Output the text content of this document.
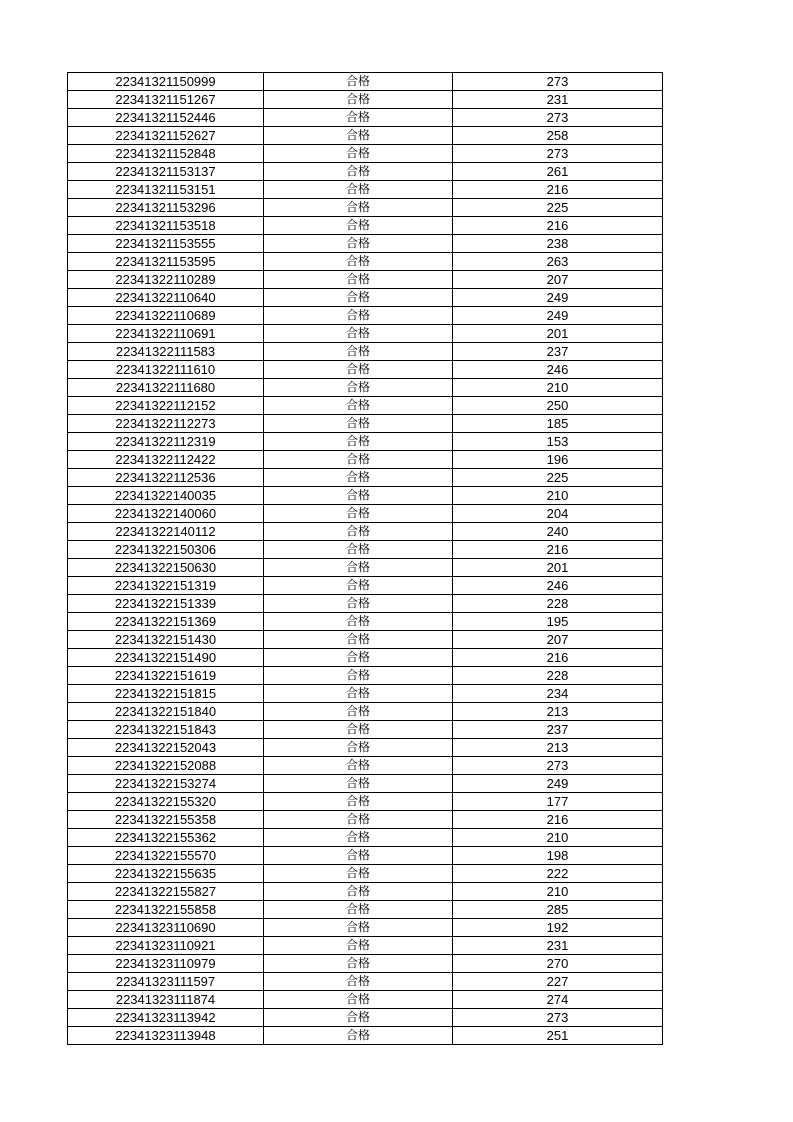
22341321150999	合格	273
22341321151267	合格	231
22341321152446	合格	273
22341321152627	合格	258
22341321152848	合格	273
22341321153137	合格	261
22341321153151	合格	216
22341321153296	合格	225
22341321153518	合格	216
22341321153555	合格	238
22341321153595	合格	263
22341322110289	合格	207
22341322110640	合格	249
22341322110689	合格	249
22341322110691	合格	201
22341322111583	合格	237
22341322111610	合格	246
22341322111680	合格	210
22341322112152	合格	250
22341322112273	合格	185
22341322112319	合格	153
22341322112422	合格	196
22341322112536	合格	225
22341322140035	合格	210
22341322140060	合格	204
22341322140112	合格	240
22341322150306	合格	216
22341322150630	合格	201
22341322151319	合格	246
22341322151339	合格	228
22341322151369	合格	195
22341322151430	合格	207
22341322151490	合格	216
22341322151619	合格	228
22341322151815	合格	234
22341322151840	合格	213
22341322151843	合格	237
22341322152043	合格	213
22341322152088	合格	273
22341322153274	合格	249
22341322155320	合格	177
22341322155358	合格	216
22341322155362	合格	210
22341322155570	合格	198
22341322155635	合格	222
22341322155827	合格	210
22341322155858	合格	285
22341323110690	合格	192
22341323110921	合格	231
22341323110979	合格	270
22341323111597	合格	227
22341323111874	合格	274
22341323113942	合格	273
22341323113948	合格	251
